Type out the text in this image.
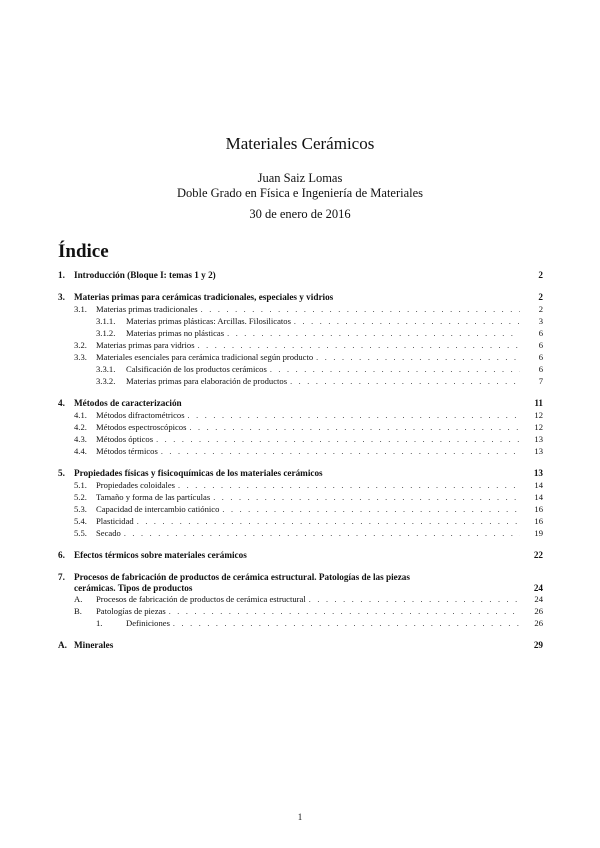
Materiales Cerámicos
Juan Saiz Lomas
Doble Grado en Física e Ingeniería de Materiales
30 de enero de 2016
Índice
1. Introducción (Bloque I: temas 1 y 2)	2
3. Materias primas para cerámicas tradicionales, especiales y vidrios	2
3.1.	Materias primas tradicionales . . .	2
3.1.1.	Materias primas plásticas: Arcillas. Filosilicatos . . .	3
3.1.2.	Materias primas no plásticas . . .	6
3.2.	Materias primas para vidrios . . .	6
3.3.	Materiales esenciales para cerámica tradicional según producto . . .	6
3.3.1.	Calsificación de los productos cerámicos . . .	6
3.3.2.	Materias primas para elaboración de productos . . .	7
4. Métodos de caracterización	11
4.1.	Métodos difractométricos . . .	12
4.2.	Métodos espectroscópicos . . .	12
4.3.	Métodos ópticos . . .	13
4.4.	Métodos térmicos . . .	13
5. Propiedades físicas y fisicoquímicas de los materiales cerámicos	13
5.1.	Propiedades coloidales . . .	14
5.2.	Tamaño y forma de las partículas . . .	14
5.3.	Capacidad de intercambio catiónico . . .	16
5.4.	Plasticidad . . .	16
5.5.	Secado . . .	19
6. Efectos térmicos sobre materiales cerámicos	22
7. Procesos de fabricación de productos de cerámica estructural. Patologías de las piezas
cerámicas. Tipos de productos	24
A.	Procesos de fabricación de productos de cerámica estructural . . .	24
B.	Patologías de piezas . . .	26
1.	Definiciones . . .	26
A. Minerales	29
1
